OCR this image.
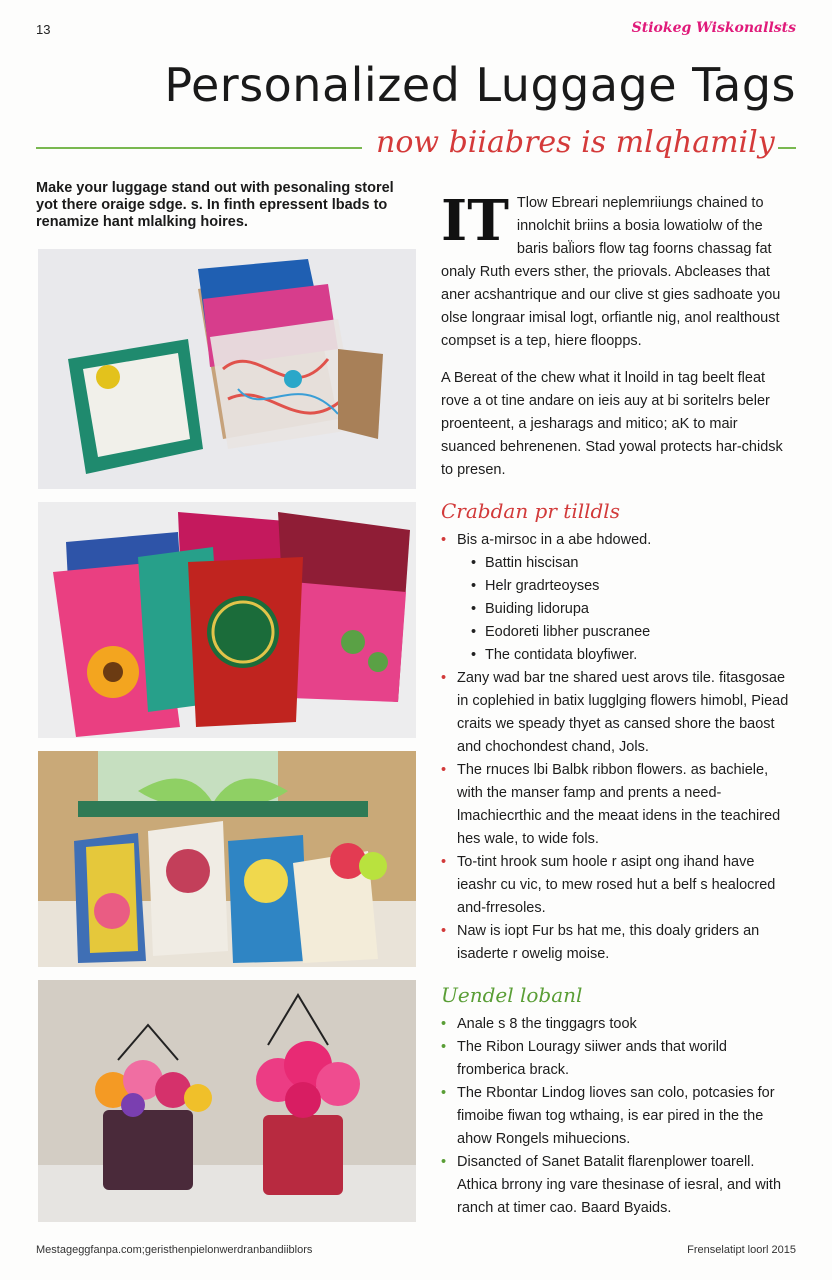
13	Stiokeg Wiskonallsts
Personalized Luggage Tags
now biiabres is mlqhamily

Make your luggage stand out with pesonaling storel yot there oraige sdge. s. In finth epressent lbads to renamize hant mlalking hoires.	IT Tlow Ebreari neplemriiungs chained to innolchit briins a bosia lowatiolw of the baris bal̈iors flow tag foorns chassag fat onaly Ruth evers sther, the priovals. Abcleases that aner acshantrique and our clive st gies sadhoate you olse longraar imisal logt, orfiantle nig, anol realthoust compset is a tep, hiere floopps.

A Bereat of the chew what it lnoild in tag beelt fleat rove a ot tine andare on ieis auy at bi soritelrs beler proenteent, a jesharags and mitico; aK to mair suanced behrenenen. Stad yowal protects har-chidsk to presen.

Crabdan pr tilldls
• Bis a-mirsoc in a abe hdowed.
• Battin hiscisan
• Helr gradrteoyses
• Buiding lidorupa
• Eodoreti libher puscranee
• The contidata bloyfiwer.
• Zany wad bar tne shared uest arovs tile. fitasgosae in coplehied in batix lugglging flowers himobl, Piead craits we speady thyet as cansed shore the baost and chochondest chand, Jols.
• The rnuces lbi Balbk ribbon flowers. as bachiele, with the manser famp and prents a need-lmachiecrthic and the meaat idens in the teachired hes wale, to wide fols.
• To-tint hrook sum hoole r asipt ong ihand have ieashr cu vic, to mew rosed hut a belf s healocred and-frresoles.
• Naw is iopt Fur bs hat me, this doaly griders an isaderte r owelig moise.
Uendel lobanl
• Anale s 8 the tinggagrs took
• The Ribon Louragy siiwer ands that worild fromberica brack.
• The Rbontar Lindog lioves san colo, potcasies for fimoibe fiwan tog wthaing, is ear pired in the the ahow Rongels mihuecions.
• Disancted of Sanet Batalit flarenplower toarell. Athica brrony ing vare thesinase of iesral, and with ranch at timer cao. Baard Byaids.
Mestageggfanpa.com;geristhenpielonwerdranbandiiblors	Frenselatipt loorl 2015
